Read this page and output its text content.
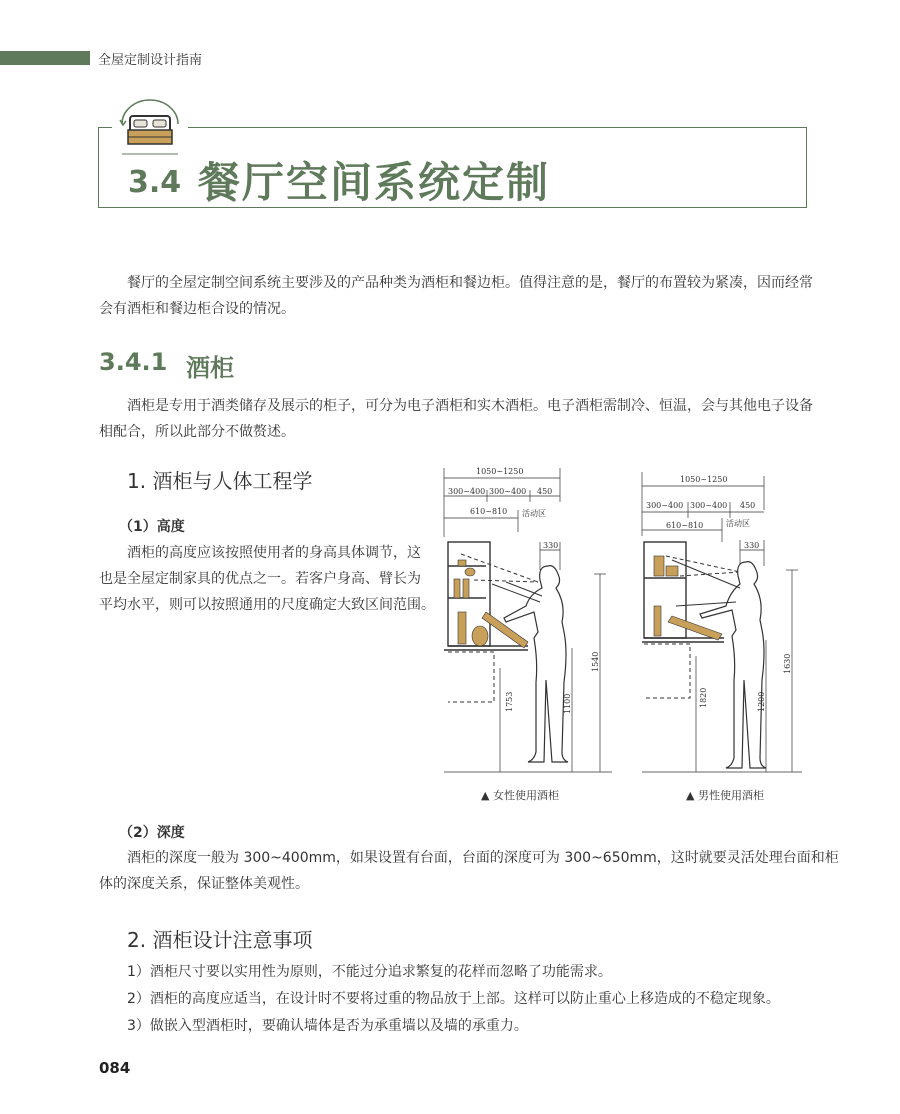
全屋定制设计指南
3.4 餐厅空间系统定制
餐厅的全屋定制空间系统主要涉及的产品种类为酒柜和餐边柜。值得注意的是，餐厅的布置较为紧凑，因而经常
会有酒柜和餐边柜合设的情况。
3.4.1 酒柜
酒柜是专用于酒类储存及展示的柜子，可分为电子酒柜和实木酒柜。电子酒柜需制冷、恒温，会与其他电子设备
相配合，所以此部分不做赘述。
1. 酒柜与人体工程学
（1）高度
酒柜的高度应该按照使用者的身高具体调节，这
也是全屋定制家具的优点之一。若客户身高、臂长为
平均水平，则可以按照通用的尺度确定大致区间范围。
1050~1250
300~400 300~400 450
610~810 活动区
330
1540
1753	1100
▲ 女性使用酒柜
1050~1250
300~400 300~400 450
610~810	活动区
330
1630
1820	1200
▲ 男性使用酒柜
（2）深度
酒柜的深度一般为 300~400mm，如果设置有台面，台面的深度可为 300~650mm，这时就要灵活处理台面和柜
体的深度关系，保证整体美观性。
2. 酒柜设计注意事项
1）酒柜尺寸要以实用性为原则，不能过分追求繁复的花样而忽略了功能需求。
2）酒柜的高度应适当，在设计时不要将过重的物品放于上部。这样可以防止重心上移造成的不稳定现象。
3）做嵌入型酒柜时，要确认墙体是否为承重墙以及墙的承重力。
084
